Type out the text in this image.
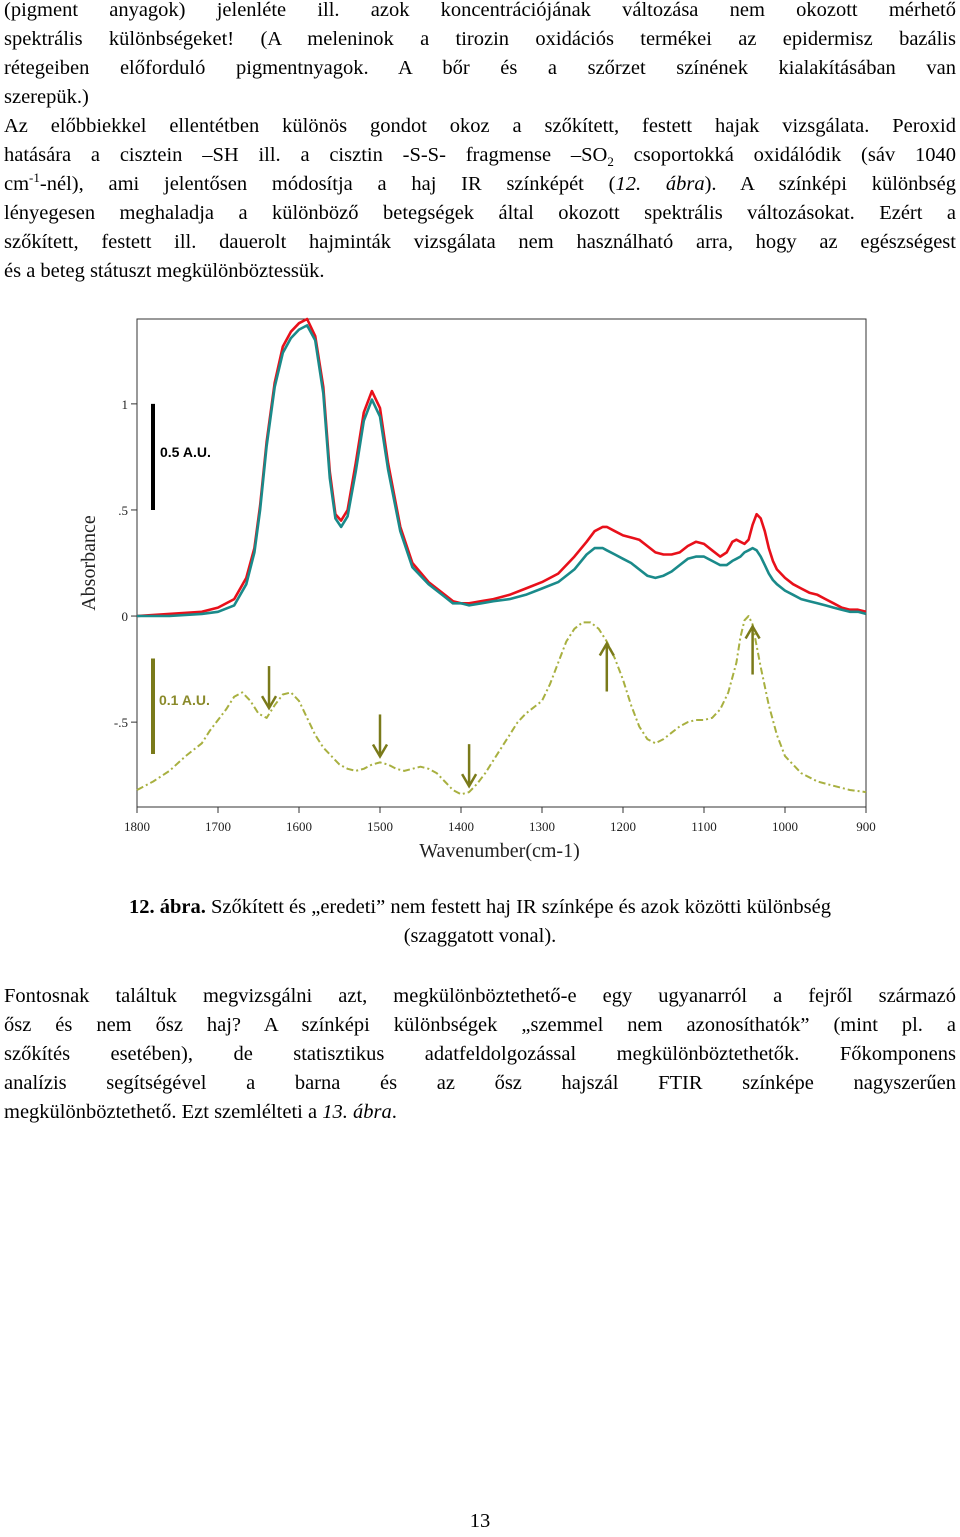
(pigment anyagok) jelenléte ill. azok koncentrációjának változása nem okozott mérhető
spektrális különbségeket! (A meleninok a tirozin oxidációs termékei az epidermisz bazális
rétegeiben előforduló pigmentnyagok. A bőr és a szőrzet színének kialakításában van
szerepük.)
Az előbbiekkel ellentétben különös gondot okoz a szőkített, festett hajak vizsgálata. Peroxid
hatására a cisztein –SH ill. a cisztin -S-S- fragmense $-SO_2$ csoportokká oxidálódik (sáv 1040
$cm^{-1}-nél$), ami jelentősen módosítja a haj IR színképét (12. ábra). A színképi különbség
lényegesen meghaladja a különböző betegségek által okozott spektrális változásokat. Ezért a
szőkített, festett ill. dauerolt hajminták vizsgálata nem használható arra, hogy az egészségest
és a beteg státuszt megkülönböztessük.
1800	1700	1600	1500	1400	1300	1200	1100	1000	900
1
.5
0
-.5
Wavenumber(cm-1)
Absorbance
0.5 A.U.
0.1 A.U.
12. ábra. Szőkített és „eredeti” nem festett haj IR színképe és azok közötti különbség
(szaggatott vonal).
Fontosnak találtuk megvizsgálni azt, megkülönböztethető-e egy ugyanarról a fejről származó
ősz és nem ősz haj? A színképi különbségek „szemmel nem azonosíthatók” (mint pl. a
szőkítés esetében), de statisztikus adatfeldolgozással megkülönböztethetők. Főkomponens
analízis segítségével a barna és az ősz hajszál FTIR színképe nagyszerűen
megkülönböztethető. Ezt szemlélteti a 13. ábra.
13
